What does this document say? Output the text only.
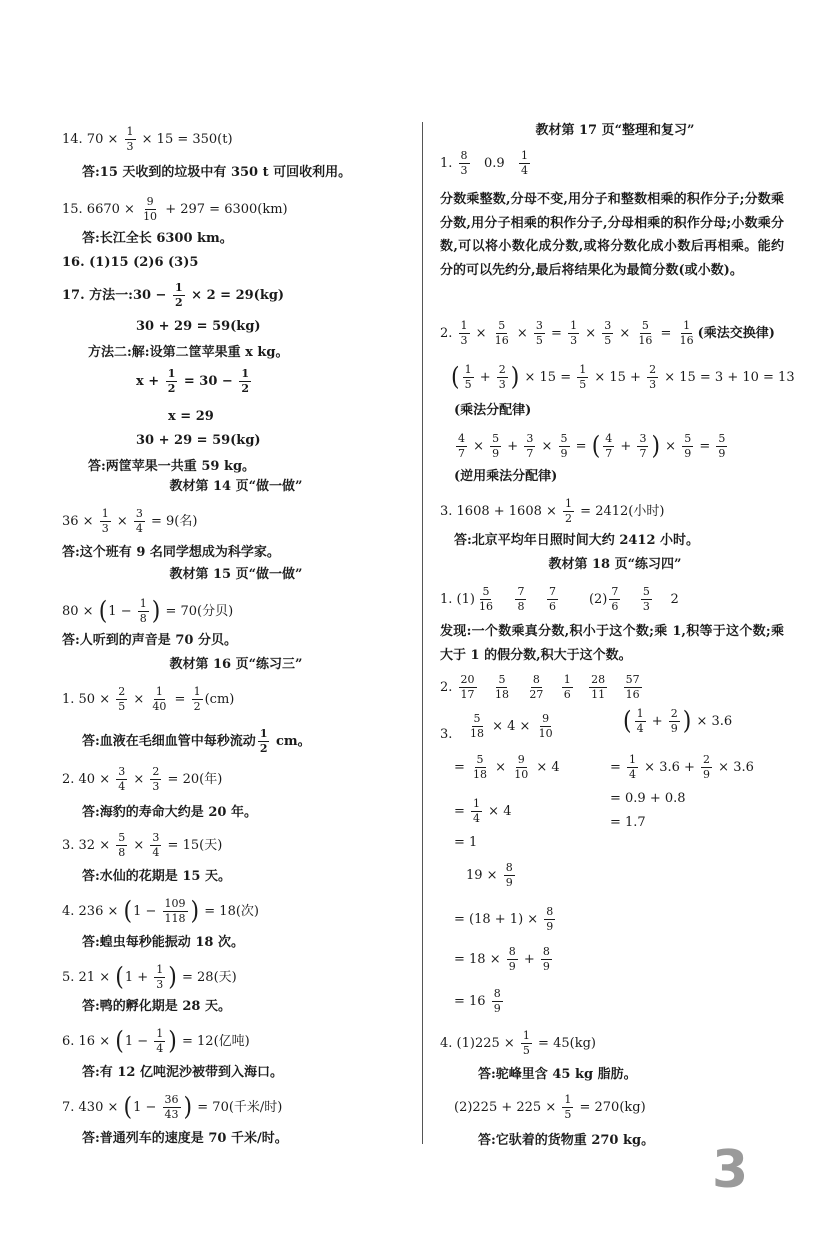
14. $70 \times \frac{1}{3} \times 15 = 350(t)$
答:15 天收到的垃圾中有 350 t 可回收利用。
15. $6670 \times \frac{9}{10} + 297 = 6300(km)$
答:长江全长 6300 km。
16. (1)15 (2)6 (3)5
17. 方法一:30 − $\frac{1}{2} \times 2 = 29(kg)$
30 + 29 = 59(kg)
方法二:解:设第二筐苹果重 x kg。
$x + \frac{1}{2} = 30 - \frac{1}{2}$
x = 29
30 + 29 = 59(kg)
答:两筐苹果一共重 59 kg。
教材第 14 页“做一做”
$36 \times \frac{1}{3} \times \frac{3}{4} = 9$(名)
答:这个班有 9 名同学想成为科学家。
教材第 15 页“做一做”
80 × ( $1 - \frac{1}{8}$ ) = 70(分贝)
答:人听到的声音是 70 分贝。
教材第 16 页“练习三”
1. $50 \times \frac{2}{5} \times \frac{1}{40} = \frac{1}{2} (cm)$
答:血液在毛细血管中每秒流动 $\frac{1}{2}$ cm。
2. $40 \times \frac{3}{4} \times \frac{2}{3} = 20$(年)
答:海豹的寿命大约是 20 年。
3. $32 \times \frac{5}{8} \times \frac{3}{4} = 15$(天)
答:水仙的花期是 15 天。
4. 236 × ( $1 - \frac{109}{118}$ ) = 18(次)
答:蝗虫每秒能振动 18 次。
5. 21 × ( $1 + \frac{1}{3}$ ) = 28(天)
答:鸭的孵化期是 28 天。
6. 16 × ( $1 - \frac{1}{4}$ ) = 12(亿吨)
答:有 12 亿吨泥沙被带到入海口。
7. 430 × ( $1 - \frac{36}{43}$ ) = 70(千米/时)
答:普通列车的速度是 70 千米/时。
教材第 17 页“整理和复习”
1. $\frac{8}{3} 0.9 \frac{1}{4}$
分数乘整数,分母不变,用分子和整数相乘的积作分子;分数乘分数,用分子相乘的积作分子,分母相乘的积作分母;小数乘分数,可以将小数化成分数,或将分数化成小数后再相乘。能约分的可以先约分,最后将结果化为最简分数(或小数)。
2. $\frac{1}{3} \times \frac{5}{16} \times \frac{3}{5} = \frac{1}{3} \times \frac{3}{5} \times \frac{5}{16} = \frac{1}{16}$ (乘法交换律)
( $\frac{1}{5} + \frac{2}{3}$ ) × $15 = \frac{1}{5} \times 15 + \frac{2}{3} \times 15 = 3 + 10 = 13$
(乘法分配律)
$\frac{4}{7} \times \frac{5}{9} + \frac{3}{7} \times \frac{5}{9}$ = ( $\frac{4}{7} + \frac{3}{7}$ ) × $\frac{5}{9} = \frac{5}{9}$
(逆用乘法分配律)
3. $1608 + 1608 \times \frac{1}{2} = 2412$(小时)
答:北京平均年日照时间大约 2412 小时。
教材第 18 页“练习四”
1. $(1) \frac{5}{16}$
$\frac{7}{8}$
$\frac{7}{6}$
$(2) \frac{7}{6}$
$\frac{5}{3}$
2
发现:一个数乘真分数,积小于这个数;乘 1,积等于这个数;乘大于 1 的假分数,积大于这个数。
2. $\frac{20}{17}$
$\frac{5}{18}$
$\frac{8}{27}$
$\frac{1}{6}$
$\frac{28}{11}$
$\frac{57}{16}$
3. $\frac{5}{18} \times 4 \times \frac{9}{10}$
= $\frac{5}{18} \times \frac{9}{10} \times 4$
= $\frac{1}{4} \times 4$
= 1
( $\frac{1}{4} + \frac{2}{9}$ ) × 3.6
= $\frac{1}{4} \times 3.6 + \frac{2}{9} \times 3.6$
= 0.9 + 0.8
= 1.7
$19 \times \frac{8}{9}$
= $(18 + 1) \times \frac{8}{9}$
= $18 \times \frac{8}{9} + \frac{8}{9}$
= $16 \frac{8}{9}$
4. $(1)225 \times \frac{1}{5} = 45(kg)$
答:驼峰里含 45 kg 脂肪。
$(2)225 + 225 \times \frac{1}{5} = 270(kg)$
答:它驮着的货物重 270 kg。 3
